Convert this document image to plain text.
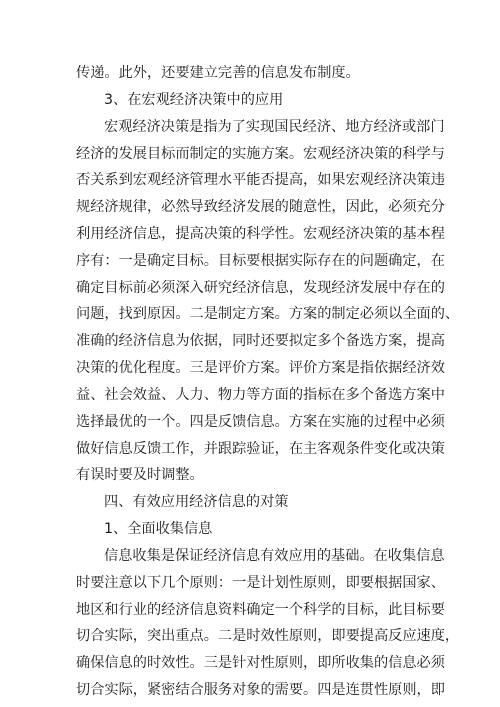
传递。此外，还要建立完善的信息发布制度。
3、在宏观经济决策中的应用
宏观经济决策是指为了实现国民经济、地方经济或部门
经济的发展目标而制定的实施方案。宏观经济决策的科学与
否关系到宏观经济管理水平能否提高，如果宏观经济决策违
规经济规律，必然导致经济发展的随意性，因此，必须充分
利用经济信息，提高决策的科学性。宏观经济决策的基本程
序有：一是确定目标。目标要根据实际存在的问题确定，在
确定目标前必须深入研究经济信息，发现经济发展中存在的
问题，找到原因。二是制定方案。方案的制定必须以全面的、
准确的经济信息为依据，同时还要拟定多个备选方案，提高
决策的优化程度。三是评价方案。评价方案是指依据经济效
益、社会效益、人力、物力等方面的指标在多个备选方案中
选择最优的一个。四是反馈信息。方案在实施的过程中必须
做好信息反馈工作，并跟踪验证，在主客观条件变化或决策
有误时要及时调整。
四、有效应用经济信息的对策
1、全面收集信息
信息收集是保证经济信息有效应用的基础。在收集信息
时要注意以下几个原则：一是计划性原则，即要根据国家、
地区和行业的经济信息资料确定一个科学的目标，此目标要
切合实际，突出重点。二是时效性原则，即要提高反应速度，
确保信息的时效性。三是针对性原则，即所收集的信息必须
切合实际，紧密结合服务对象的需要。四是连贯性原则，即
